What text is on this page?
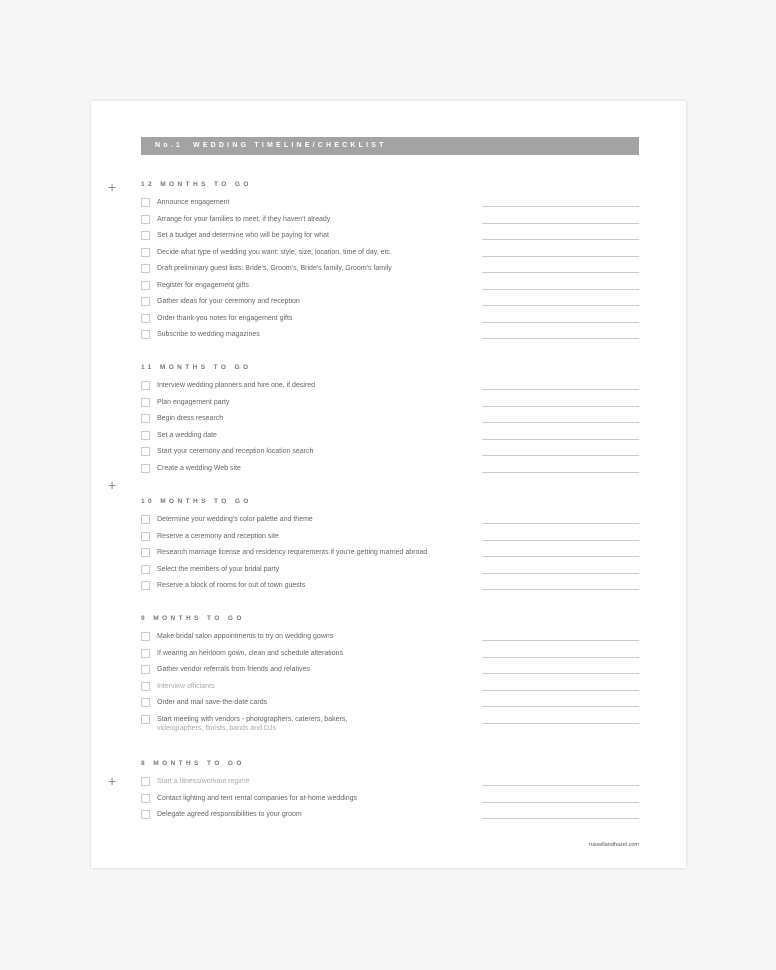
No.1 WEDDING TIMELINE/CHECKLIST
+
+
+
12 MONTHS TO GO
Announce engagement
Arrange for your families to meet, if they haven't already
Set a budget and determine who will be paying for what
Decide what type of wedding you want: style, size, location, time of day, etc.
Draft preliminary guest lists: Bride's, Groom's, Bride's family, Groom's family
Register for engagement gifts
Gather ideas for your ceremony and reception
Order thank-you notes for engagement gifts
Subscribe to wedding magazines
11 MONTHS TO GO
Interview wedding planners and hire one, if desired
Plan engagement party
Begin dress research
Set a wedding date
Start your ceremony and reception location search
Create a wedding Web site
10 MONTHS TO GO
Determine your wedding's color palette and theme
Reserve a ceremony and reception site
Research marriage license and residency requirements if you're getting married abroad
Select the members of your bridal party
Reserve a block of rooms for out of town guests
9 MONTHS TO GO
Make bridal salon appointments to try on wedding gowns
If wearing an heirloom gown, clean and schedule alterations
Gather vendor referrals from friends and relatives
Interview officiants
Order and mail save-the-date cards
Start meeting with vendors - photographers, caterers, bakers,
videographers, florists, bands and DJs
8 MONTHS TO GO
Start a fitness/workout regime
Contact lighting and tent rental companies for at-home weddings
Delegate agreed responsibilities to your groom
russellandhazel.com
